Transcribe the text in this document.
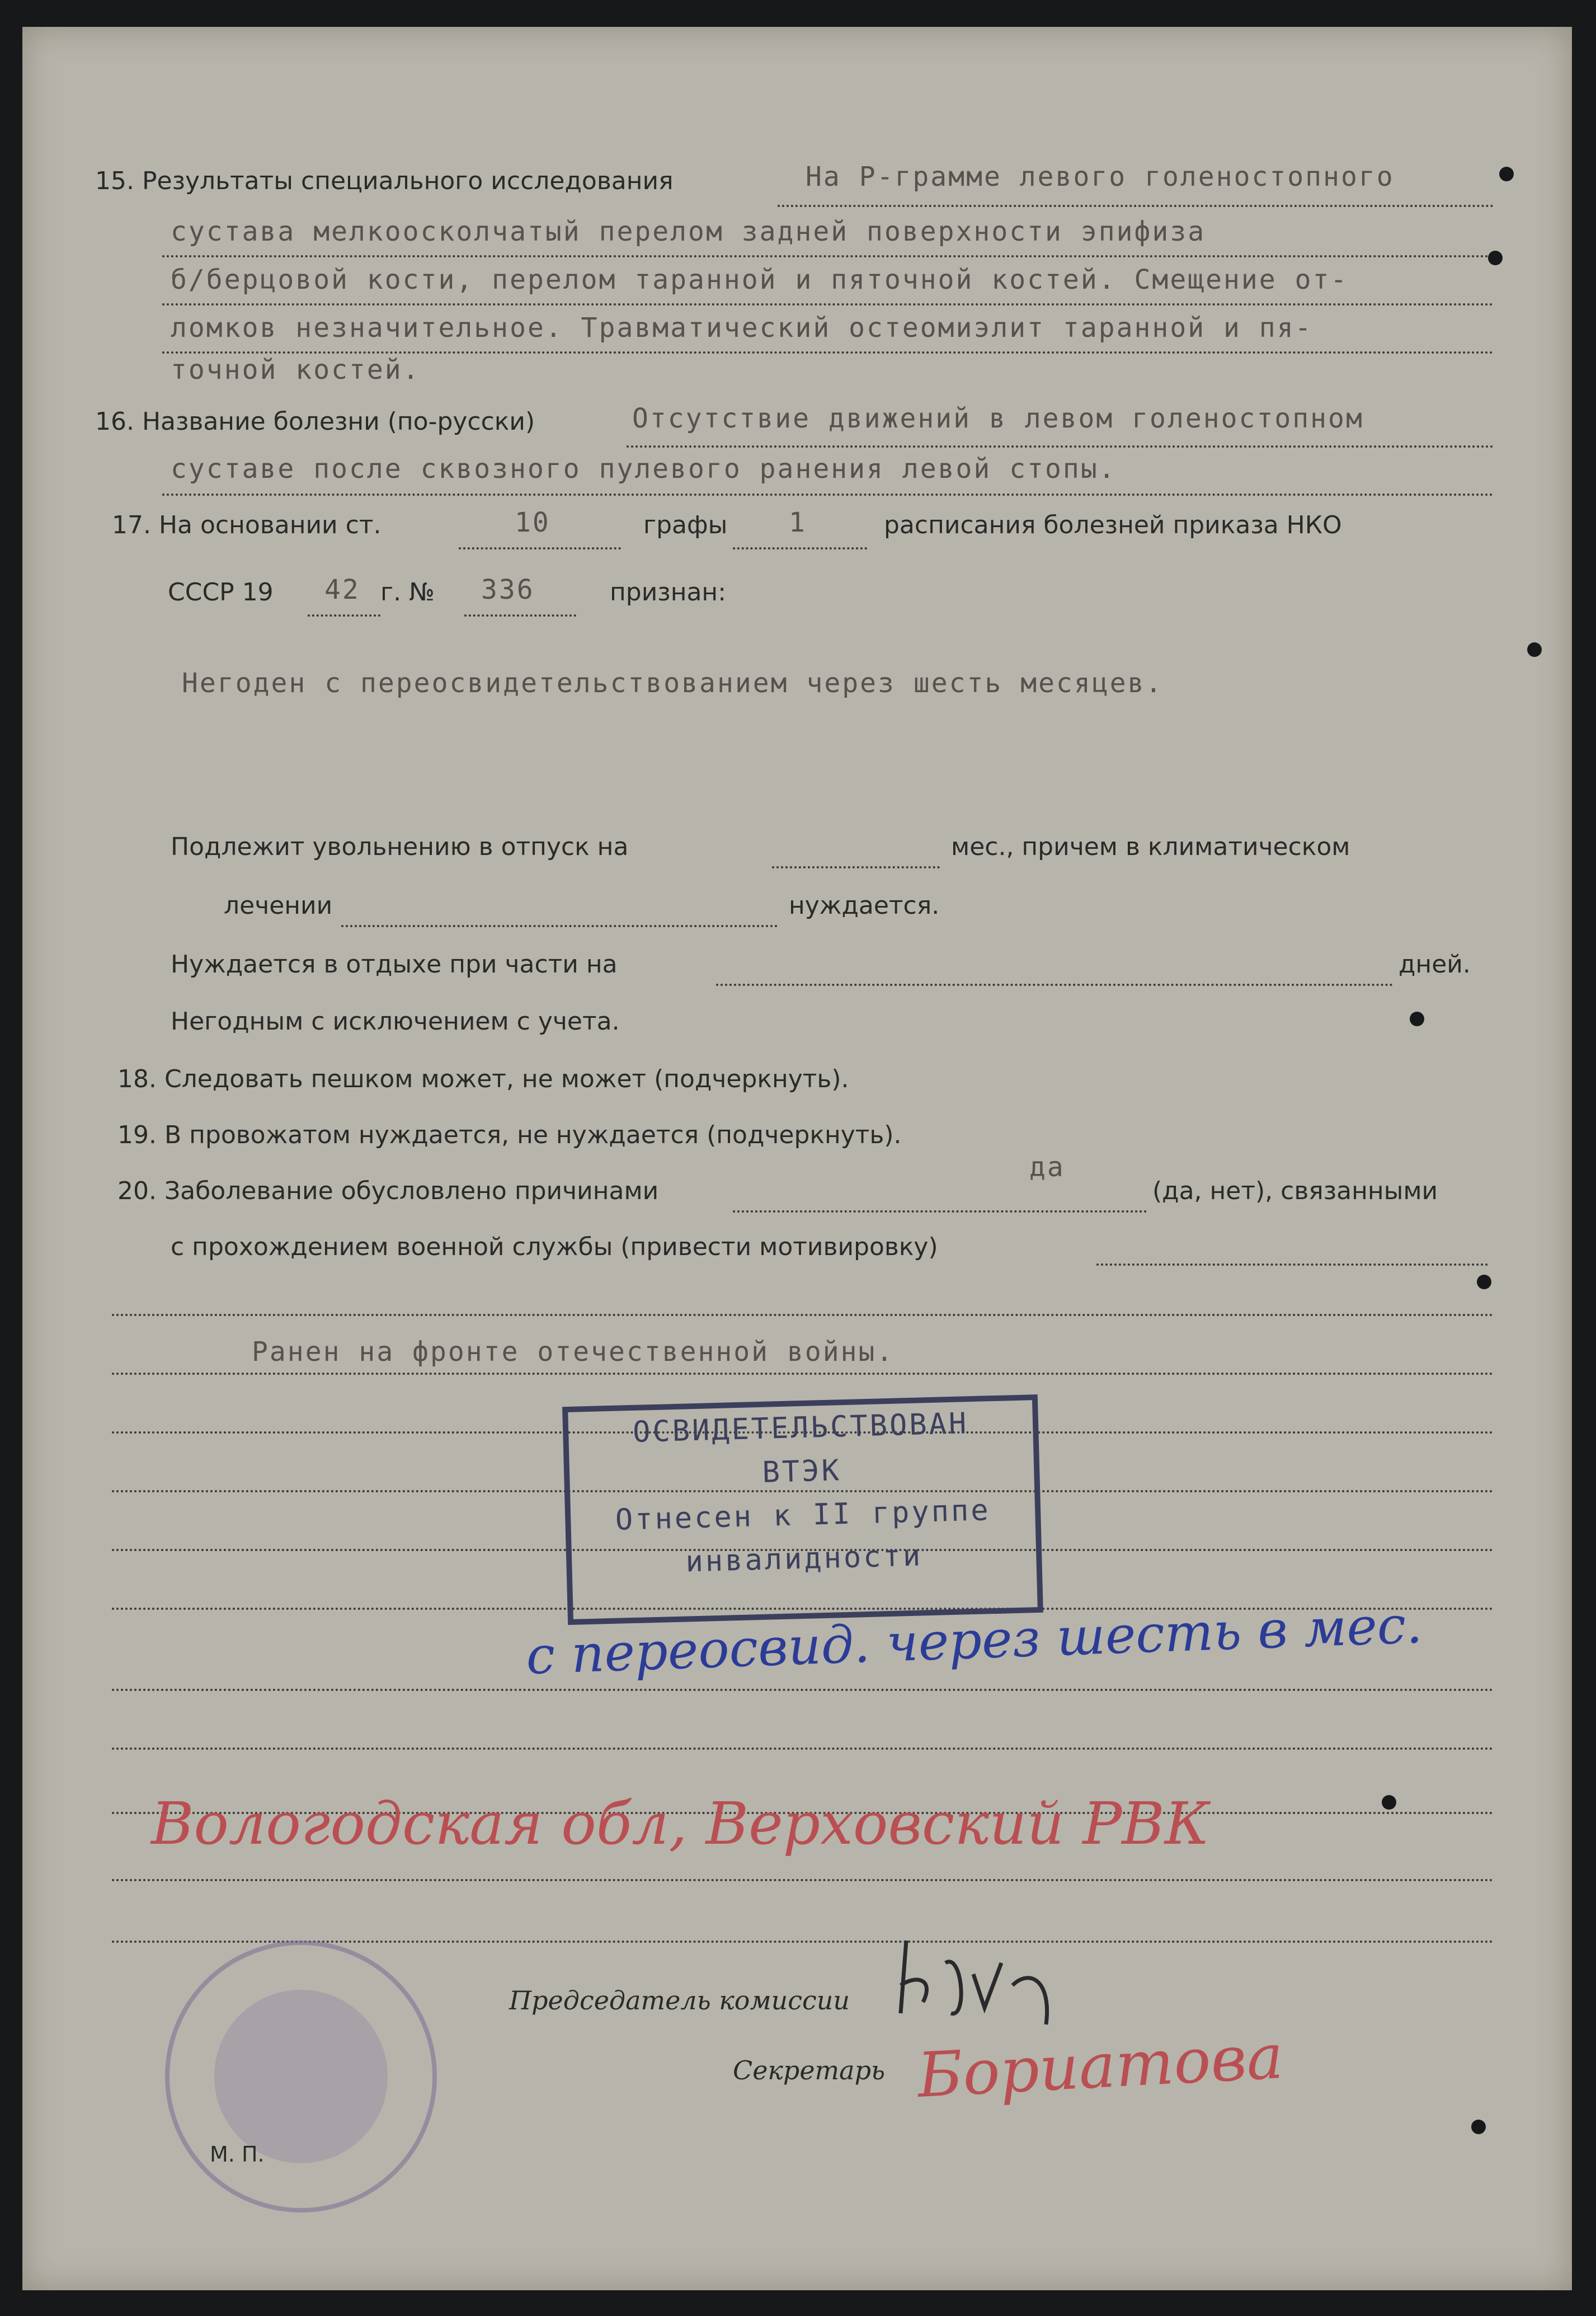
15. Результаты специального исследования	На Р-грамме левого голеностопного
сустава мелкоосколчатый перелом задней поверхности эпифиза
б/берцовой кости, перелом таранной и пяточной костей. Смещение от-
ломков незначительное. Травматический остеомиэлит таранной и пя-
точной костей.
16. Название болезни (по-русски)	Отсутствие движений в левом голеностопном
суставе после сквозного пулевого ранения левой стопы.
17. На основании ст.	10	графы 1	расписания болезней приказа НКО
СССР 19 42 г. № 336	признан:
Негоден с переосвидетельствованием через шесть месяцев.
Подлежит увольнению в отпуск на	мес., причем в климатическом
лечении	нуждается.
Нуждается в отдыхе при части на	дней.
Негодным с исключением с учета.
18. Следовать пешком может, не может (подчеркнуть).
19. В провожатом нуждается, не нуждается (подчеркнуть).
20. Заболевание обусловлено причинами
да
(да, нет), связанными
с прохождением военной службы (привести мотивировку)
Ранен на фронте отечественной войны.
ОСВИДЕТЕЛЬСТВОВАН
ВТЭК
Отнесен к II группе
инвалидности
с переосвид. через шесть в мес.
Вологодская обл, Верховский РВК
Председатель комиссии
Секретарь Бориатова
М. П.
